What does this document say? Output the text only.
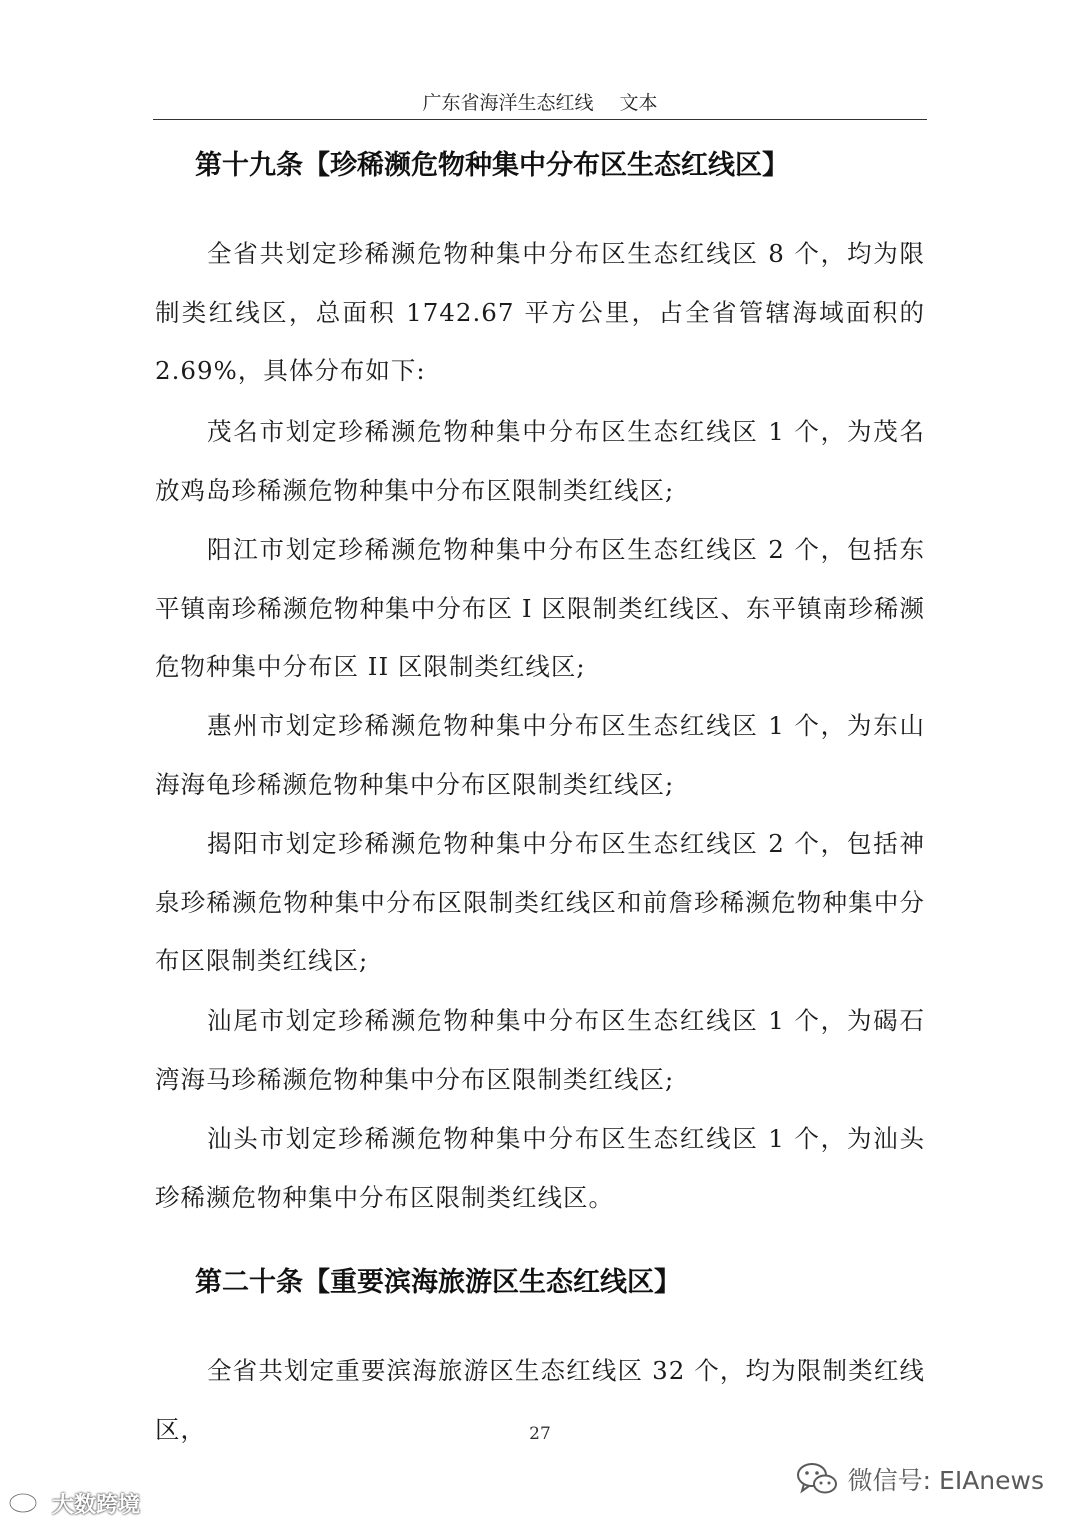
广东省海洋生态红线 文本
第十九条【珍稀濒危物种集中分布区生态红线区】

全省共划定珍稀濒危物种集中分布区生态红线区 8 个，均为限制类红线区，总面积 1742.67 平方公里，占全省管辖海域面积的 2.69%，具体分布如下:

茂名市划定珍稀濒危物种集中分布区生态红线区 1 个，为茂名放鸡岛珍稀濒危物种集中分布区限制类红线区;

阳江市划定珍稀濒危物种集中分布区生态红线区 2 个，包括东平镇南珍稀濒危物种集中分布区 I 区限制类红线区、东平镇南珍稀濒危物种集中分布区 II 区限制类红线区;

惠州市划定珍稀濒危物种集中分布区生态红线区 1 个，为东山海海龟珍稀濒危物种集中分布区限制类红线区;

揭阳市划定珍稀濒危物种集中分布区生态红线区 2 个，包括神泉珍稀濒危物种集中分布区限制类红线区和前詹珍稀濒危物种集中分布区限制类红线区;

汕尾市划定珍稀濒危物种集中分布区生态红线区 1 个，为碣石湾海马珍稀濒危物种集中分布区限制类红线区;

汕头市划定珍稀濒危物种集中分布区生态红线区 1 个，为汕头珍稀濒危物种集中分布区限制类红线区。

第二十条【重要滨海旅游区生态红线区】

全省共划定重要滨海旅游区生态红线区 32 个，均为限制类红线区，	27
大数跨境
微信号: EIAnews
